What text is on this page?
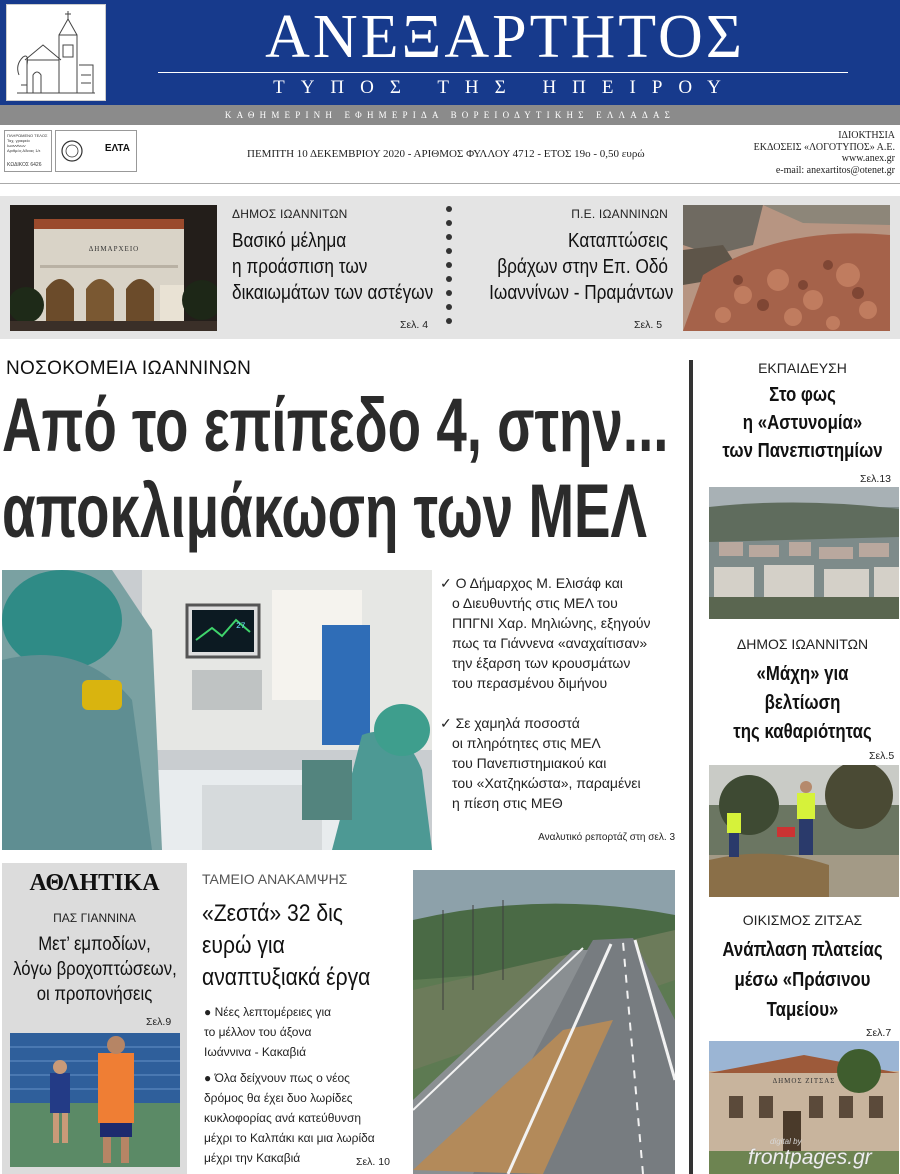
ΑΝΕΞΑΡΤΗΤΟΣ
ΤΥΠΟΣ ΤΗΣ ΗΠΕΙΡΟΥ
ΚΑΘΗΜΕΡΙΝΗ ΕΦΗΜΕΡΙΔΑ ΒΟΡΕΙΟΔΥΤΙΚΗΣ ΕΛΛΑΔΑΣ
ΠΛΗΡΩΜΕΝΟ ΤΕΛΟΣ
Ταχ. γραφείο
Ιωαννίνων
Αριθμός Αδειας 1/ε
ΚΩΔΙΚΟΣ 6426
ΕΛΤΑ	ΠΕΜΠΤΗ 10 ΔΕΚΕΜΒΡΙΟΥ 2020 - ΑΡΙΘΜΟΣ ΦΥΛΛΟΥ 4712 - ΕΤΟΣ 19ο - 0,50 ευρώ
ΙΔΙΟΚΤΗΣΙΑ
ΕΚΔΟΣΕΙΣ «ΛΟΓΟΤΥΠΟΣ» Α.Ε.
www.anex.gr
e-mail: anexartitos@otenet.gr
ΔΗΜΑΡΧΕΙΟ
ΔΗΜΟΣ ΙΩΑΝΝΙΤΩΝ
Βασικό μέλημα
η προάσπιση των
δικαιωμάτων των αστέγων
Σελ. 4
Π.Ε. ΙΩΑΝΝΙΝΩΝ
Καταπτώσεις
βράχων στην Επ. Οδό
Ιωαννίνων - Πραμάντων
Σελ. 5
ΝΟΣΟΚΟΜΕΙΑ ΙΩΑΝΝΙΝΩΝ
Από το επίπεδο 4, στην...
αποκλιμάκωση των ΜΕΛ
27
✓ Ο Δήμαρχος Μ. Ελισάφ και
ο Διευθυντής στις ΜΕΛ του
ΠΠΓΝΙ Χαρ. Μηλιώνης, εξηγούν
πως τα Γιάννενα «αναχαίτισαν»
την έξαρση των κρουσμάτων
του περασμένου διμήνου
✓ Σε χαμηλά ποσοστά
οι πληρότητες στις ΜΕΛ
του Πανεπιστημιακού και
του «Χατζηκώστα», παραμένει
η πίεση στις ΜΕΘ
Αναλυτικό ρεπορτάζ στη σελ. 3
ΑΘΛΗΤΙΚΑ
ΠΑΣ ΓΙΑΝΝΙΝΑ
Μετ’ εμποδίων,
λόγω βροχοπτώσεων,
οι προπονήσεις
Σελ.9
ΤΑΜΕΙΟ ΑΝΑΚΑΜΨΗΣ
«Ζεστά» 32 δις
ευρώ για
αναπτυξιακά έργα
● Νέες λεπτομέρειες για
το μέλλον του άξονα
Ιωάννινα - Κακαβιά
● Όλα δείχνουν πως ο νέος
δρόμος θα έχει δυο λωρίδες
κυκλοφορίας ανά κατεύθυνση
μέχρι το Καλπάκι και μια λωρίδα
μέχρι την Κακαβιά	Σελ. 10
ΕΚΠΑΙΔΕΥΣΗ
Στο φως
η «Αστυνομία»
των Πανεπιστημίων
Σελ.13
ΔΗΜΟΣ ΙΩΑΝΝΙΤΩΝ
«Μάχη» για
βελτίωση
της καθαριότητας
Σελ.5
ΟΙΚΙΣΜΟΣ ΖΙΤΣΑΣ
Ανάπλαση πλατείας
μέσω «Πράσινου
Ταμείου»
Σελ.7
ΔΗΜΟΣ ΖΙΤΣΑΣ
digital by
frontpages.gr
